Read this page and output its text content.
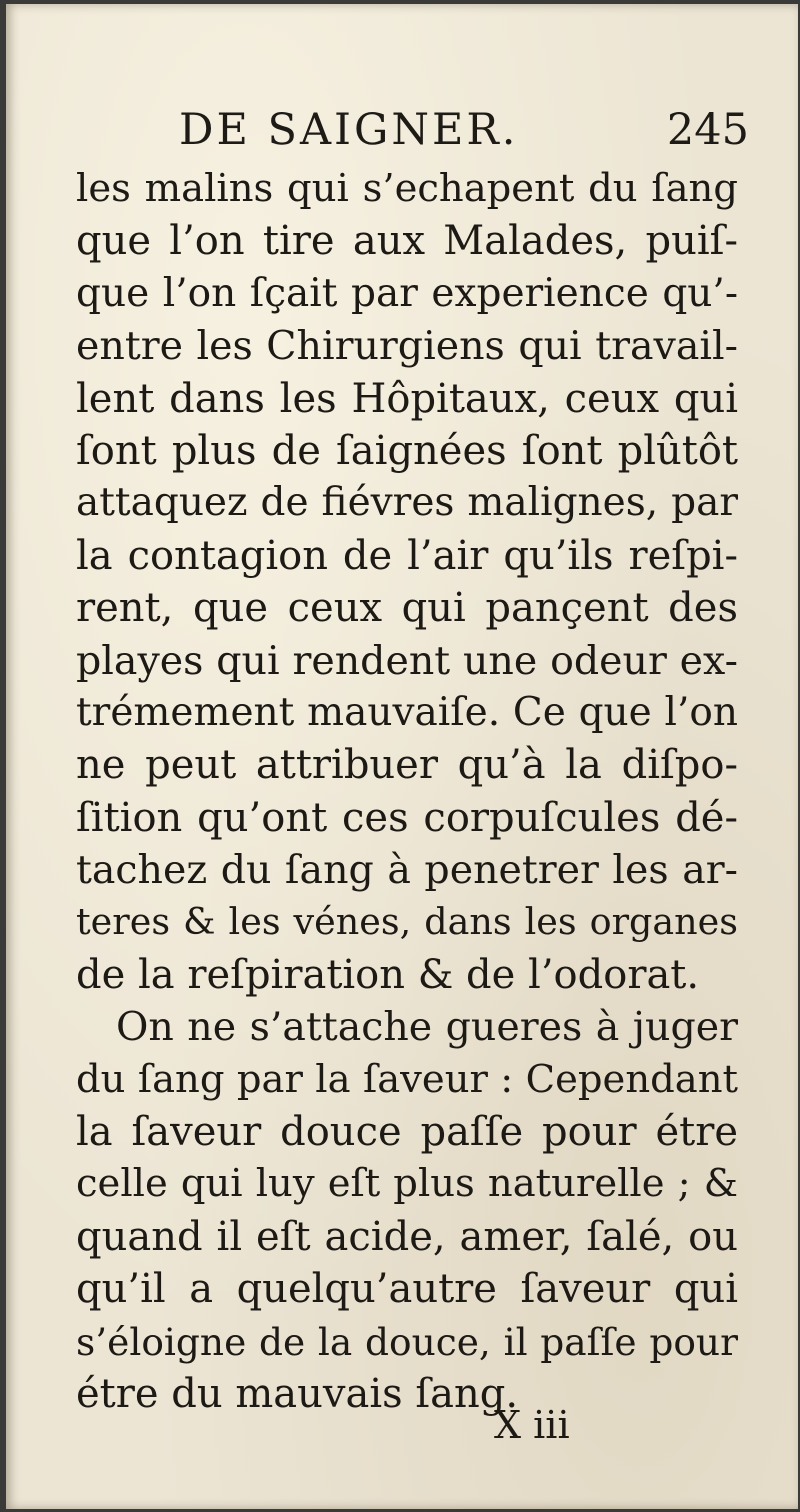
DE SAIGNER.	245
les malins qui s’echapent du ſang
que l’on tire aux Malades, puiſ-
que l’on ſçait par experience qu’-
entre les Chirurgiens qui travail-
lent dans les Hôpitaux, ceux qui
ſont plus de ſaignées ſont plûtôt
attaquez de fiévres malignes, par
la contagion de l’air qu’ils reſpi-
rent, que ceux qui pançent des
playes qui rendent une odeur ex-
trémement mauvaiſe. Ce que l’on
ne peut attribuer qu’à la diſpo-
ſition qu’ont ces corpuſcules dé-
tachez du ſang à penetrer les ar-
teres & les vénes, dans les organes
de la reſpiration & de l’odorat.
On ne s’attache gueres à juger
du ſang par la ſaveur : Cependant
la ſaveur douce paſſe pour étre
celle qui luy eſt plus naturelle ; &
quand il eſt acide, amer, ſalé, ou
qu’il a quelqu’autre ſaveur qui
s’éloigne de la douce, il paſſe pour
étre du mauvais ſang.
X iii
